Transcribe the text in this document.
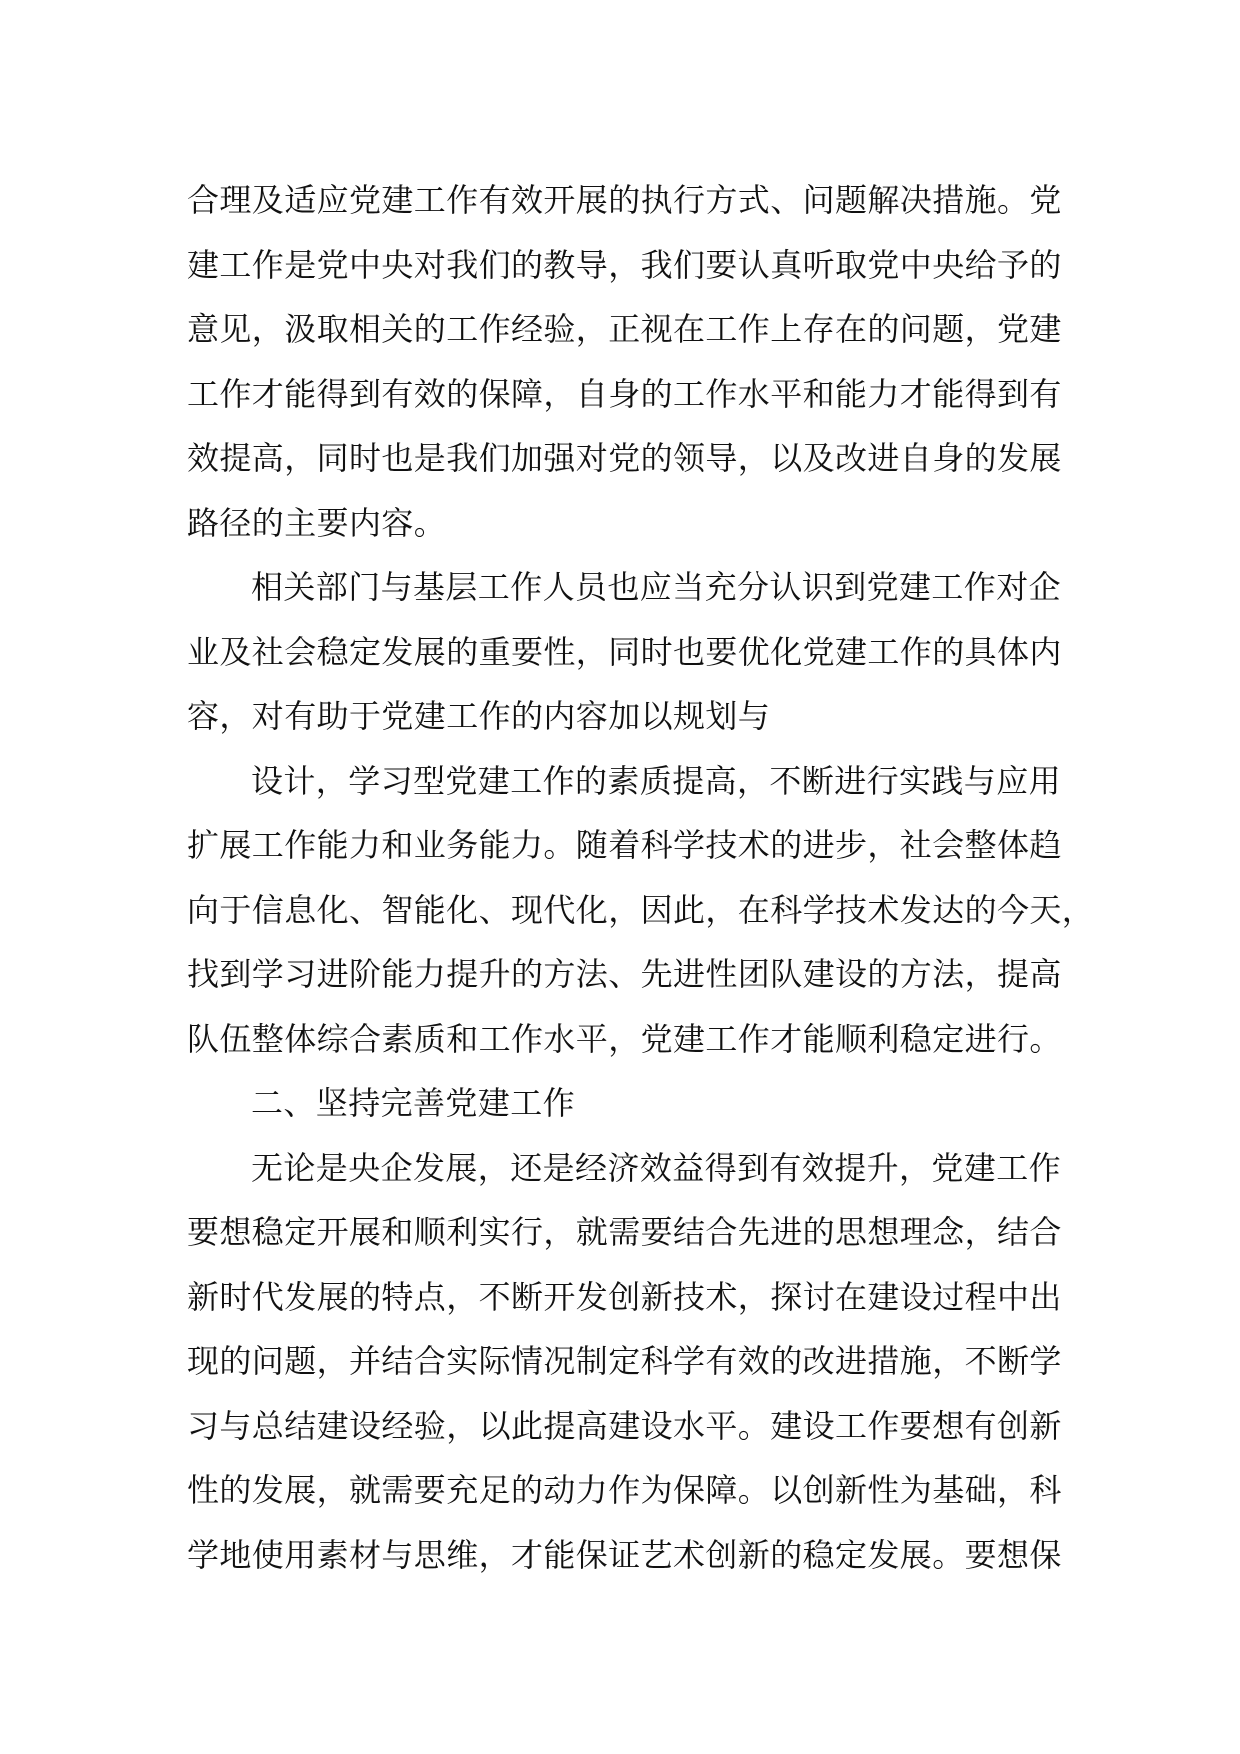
合理及适应党建工作有效开展的执行方式、问题解决措施。党
建工作是党中央对我们的教导，我们要认真听取党中央给予的
意见，汲取相关的工作经验，正视在工作上存在的问题，党建
工作才能得到有效的保障，自身的工作水平和能力才能得到有
效提高，同时也是我们加强对党的领导，以及改进自身的发展
路径的主要内容。
相关部门与基层工作人员也应当充分认识到党建工作对企
业及社会稳定发展的重要性，同时也要优化党建工作的具体内
容，对有助于党建工作的内容加以规划与
设计，学习型党建工作的素质提高，不断进行实践与应用
扩展工作能力和业务能力。随着科学技术的进步，社会整体趋
向于信息化、智能化、现代化，因此，在科学技术发达的今天，
找到学习进阶能力提升的方法、先进性团队建设的方法，提高
队伍整体综合素质和工作水平，党建工作才能顺利稳定进行。
二、坚持完善党建工作
无论是央企发展，还是经济效益得到有效提升，党建工作
要想稳定开展和顺利实行，就需要结合先进的思想理念，结合
新时代发展的特点，不断开发创新技术，探讨在建设过程中出
现的问题，并结合实际情况制定科学有效的改进措施，不断学
习与总结建设经验，以此提高建设水平。建设工作要想有创新
性的发展，就需要充足的动力作为保障。以创新性为基础，科
学地使用素材与思维，才能保证艺术创新的稳定发展。要想保
